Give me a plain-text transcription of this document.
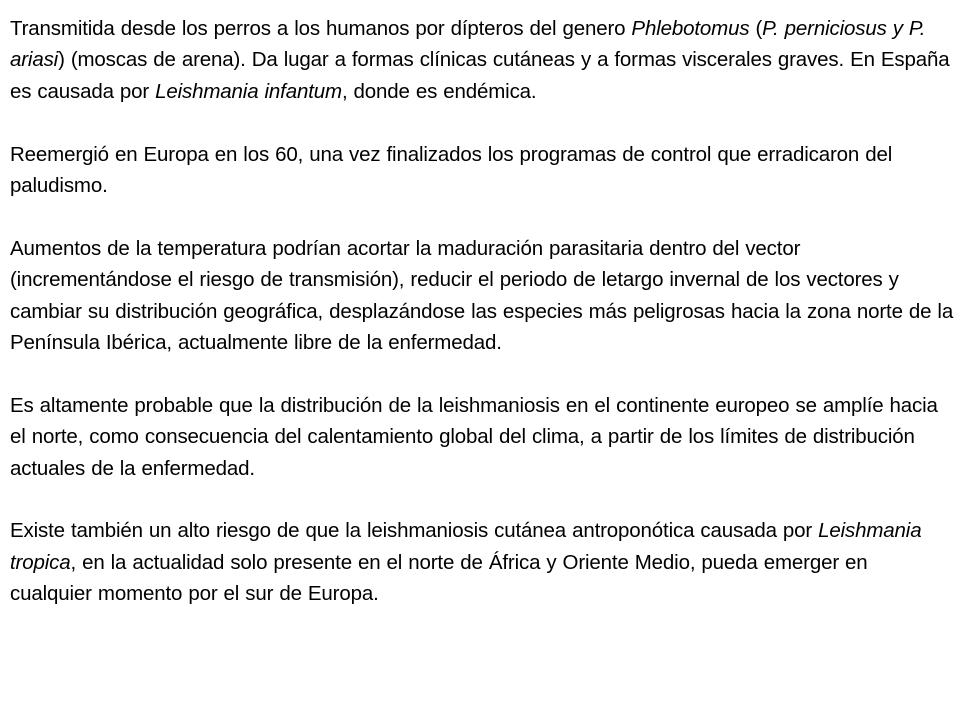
Transmitida desde los perros a los humanos por dípteros del genero Phlebotomus (P. perniciosus y P. ariasi) (moscas de arena). Da lugar a formas clínicas cutáneas y a formas viscerales graves. En España es causada por Leishmania infantum, donde es endémica.

Reemergió en Europa en los 60, una vez finalizados los programas de control que erradicaron del paludismo.

Aumentos de la temperatura podrían acortar la maduración parasitaria dentro del vector (incrementándose el riesgo de transmisión), reducir el periodo de letargo invernal de los vectores y cambiar su distribución geográfica, desplazándose las especies más peligrosas hacia la zona norte de la Península Ibérica, actualmente libre de la enfermedad.

Es altamente probable que la distribución de la leishmaniosis en el continente europeo se amplíe hacia el norte, como consecuencia del calentamiento global del clima, a partir de los límites de distribución actuales de la enfermedad.

Existe también un alto riesgo de que la leishmaniosis cutánea antroponótica causada por Leishmania tropica, en la actualidad solo presente en el norte de África y Oriente Medio, pueda emerger en cualquier momento por el sur de Europa.
